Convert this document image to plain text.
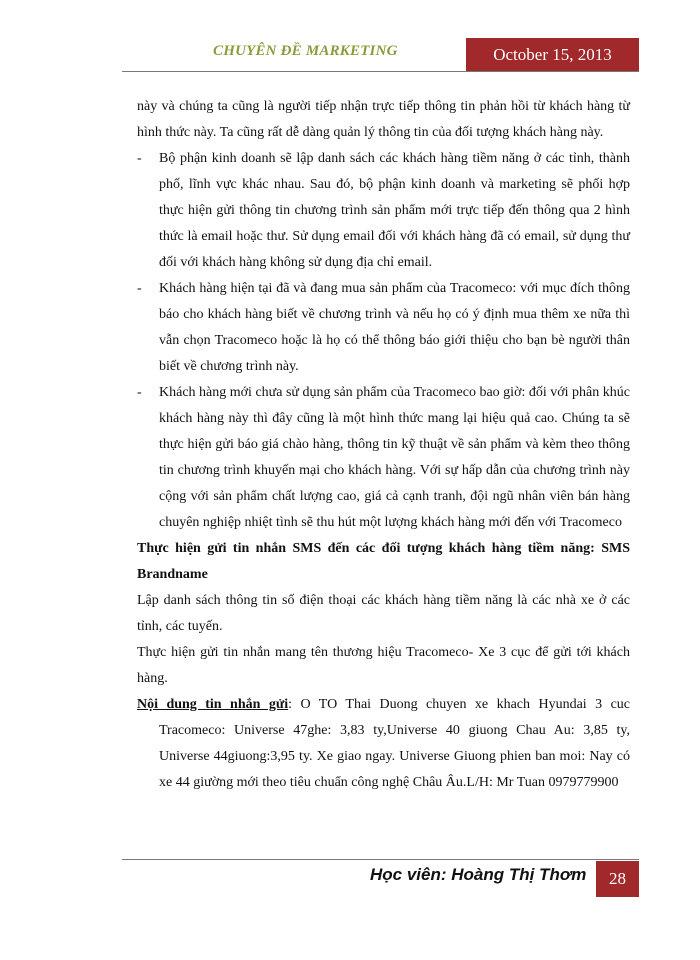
CHUYÊN ĐỀ MARKETING	October 15, 2013

này và chúng ta cũng là người tiếp nhận trực tiếp thông tin phản hồi từ khách hàng từ hình thức này. Ta cũng rất dễ dàng quản lý thông tin của đối tượng khách hàng này.

- Bộ phận kinh doanh sẽ lập danh sách các khách hàng tiềm năng ở các tỉnh, thành phố, lĩnh vực khác nhau. Sau đó, bộ phận kinh doanh và marketing sẽ phối hợp thực hiện gửi thông tin chương trình sản phẩm mới trực tiếp đến thông qua 2 hình thức là email hoặc thư. Sử dụng email đối với khách hàng đã có email, sử dụng thư đối với khách hàng không sử dụng địa chỉ email.
- Khách hàng hiện tại đã và đang mua sản phẩm của Tracomeco: với mục đích thông báo cho khách hàng biết về chương trình và nếu họ có ý định mua thêm xe nữa thì vẫn chọn Tracomeco hoặc là họ có thể thông báo giới thiệu cho bạn bè người thân biết về chương trình này.
- Khách hàng mới chưa sử dụng sản phẩm của Tracomeco bao giờ: đối với phân khúc khách hàng này thì đây cũng là một hình thức mang lại hiệu quả cao. Chúng ta sẽ thực hiện gửi báo giá chào hàng, thông tin kỹ thuật về sản phẩm và kèm theo thông tin chương trình khuyến mại cho khách hàng. Với sự hấp dẫn của chương trình này cộng với sản phẩm chất lượng cao, giá cả cạnh tranh, đội ngũ nhân viên bán hàng chuyên nghiệp nhiệt tình sẽ thu hút một lượng khách hàng mới đến với Tracomeco

Thực hiện gửi tin nhắn SMS đến các đối tượng khách hàng tiềm năng: SMS Brandname

Lập danh sách thông tin số điện thoại các khách hàng tiềm năng là các nhà xe ở các tỉnh, các tuyến.

Thực hiện gửi tin nhắn mang tên thương hiệu Tracomeco- Xe 3 cục để gửi tới khách hàng.

Nội dung tin nhắn gửi: O TO Thai Duong chuyen xe khach Hyundai 3 cuc Tracomeco: Universe 47ghe: 3,83 ty,Universe 40 giuong Chau Au: 3,85 ty, Universe 44giuong:3,95 ty. Xe giao ngay. Universe Giuong phien ban moi: Nay có xe 44 giường mới theo tiêu chuẩn công nghệ Châu Âu.L/H: Mr Tuan 0979779900

Học viên: Hoàng Thị Thơm 28
